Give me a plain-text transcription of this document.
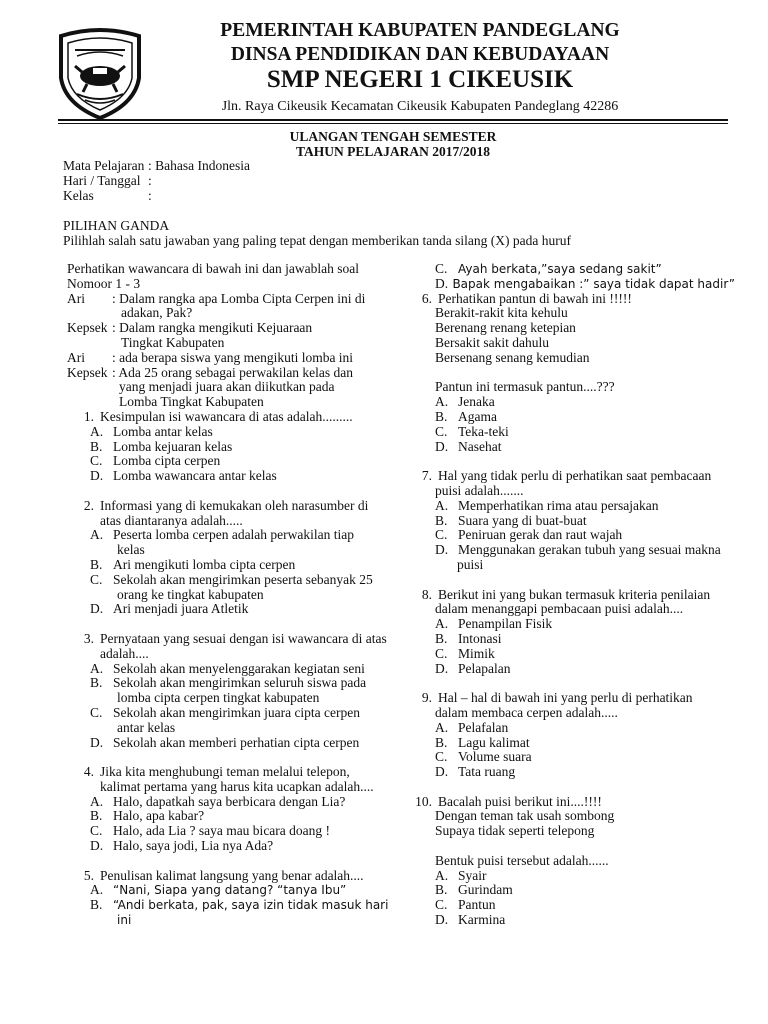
PEMERINTAH KABUPATEN PANDEGLANG
DINSA PENDIDIKAN DAN KEBUDAYAAN
SMP NEGERI 1 CIKEUSIK
Jln. Raya Cikeusik Kecamatan Cikeusik Kabupaten Pandeglang 42286
ULANGAN TENGAH SEMESTER
TAHUN PELAJARAN 2017/2018
Mata Pelajaran : Bahasa Indonesia
Hari / Tanggal :
Kelas	:
PILIHAN GANDA
Pilihlah salah satu jawaban yang paling tepat dengan memberikan tanda silang (X) pada huruf
Perhatikan wawancara di bawah ini dan jawablah soal
Nomoor 1 - 3
Ari : Dalam rangka apa Lomba Cipta Cerpen ini di
adakan, Pak?
Kepsek : Dalam rangka mengikuti Kejuaraan
Tingkat Kabupaten
Ari : ada berapa siswa yang mengikuti lomba ini
Kepsek : Ada 25 orang sebagai perwakilan kelas dan
yang menjadi juara akan diikutkan pada
Lomba Tingkat Kabupaten
1. Kesimpulan isi wawancara di atas adalah.........
A. Lomba antar kelas
B. Lomba kejuaran kelas
C. Lomba cipta cerpen
D. Lomba wawancara antar kelas
2. Informasi yang di kemukakan oleh narasumber di
atas diantaranya adalah.....
A. Peserta lomba cerpen adalah perwakilan tiap
kelas
B. Ari mengikuti lomba cipta cerpen
C. Sekolah akan mengirimkan peserta sebanyak 25
orang ke tingkat kabupaten
D. Ari menjadi juara Atletik
3. Pernyataan yang sesuai dengan isi wawancara di atas
adalah....
A. Sekolah akan menyelenggarakan kegiatan seni
B. Sekolah akan mengirimkan seluruh siswa pada
lomba cipta cerpen tingkat kabupaten
C. Sekolah akan mengirimkan juara cipta cerpen
antar kelas
D. Sekolah akan memberi perhatian cipta cerpen
4. Jika kita menghubungi teman melalui telepon,
kalimat pertama yang harus kita ucapkan adalah....
A. Halo, dapatkah saya berbicara dengan Lia?
B. Halo, apa kabar?
C. Halo, ada Lia ? saya mau bicara doang !
D. Halo, saya jodi, Lia nya Ada?
5. Penulisan kalimat langsung yang benar adalah....
A. “Nani, Siapa yang datang? “tanya Ibu”
B. “Andi berkata, pak, saya izin tidak masuk hari
ini
C. Ayah berkata,”saya sedang sakit”
D. Bapak mengabaikan :” saya tidak dapat hadir”
6. Perhatikan pantun di bawah ini !!!!!
Berakit-rakit kita kehulu
Berenang renang ketepian
Bersakit sakit dahulu
Bersenang senang kemudian
Pantun ini termasuk pantun....???
A. Jenaka
B. Agama
C. Teka-teki
D. Nasehat
7. Hal yang tidak perlu di perhatikan saat pembacaan
puisi adalah.......
A. Memperhatikan rima atau persajakan
B. Suara yang di buat-buat
C. Peniruan gerak dan raut wajah
D. Menggunakan gerakan tubuh yang sesuai makna
puisi
8. Berikut ini yang bukan termasuk kriteria penilaian
dalam menanggapi pembacaan puisi adalah....
A. Penampilan Fisik
B. Intonasi
C. Mimik
D. Pelapalan
9. Hal – hal di bawah ini yang perlu di perhatikan
dalam membaca cerpen adalah.....
A. Pelafalan
B. Lagu kalimat
C. Volume suara
D. Tata ruang
10. Bacalah puisi berikut ini....!!!!
Dengan teman tak usah sombong
Supaya tidak seperti telepong
Bentuk puisi tersebut adalah......
A. Syair
B. Gurindam
C. Pantun
D. Karmina
